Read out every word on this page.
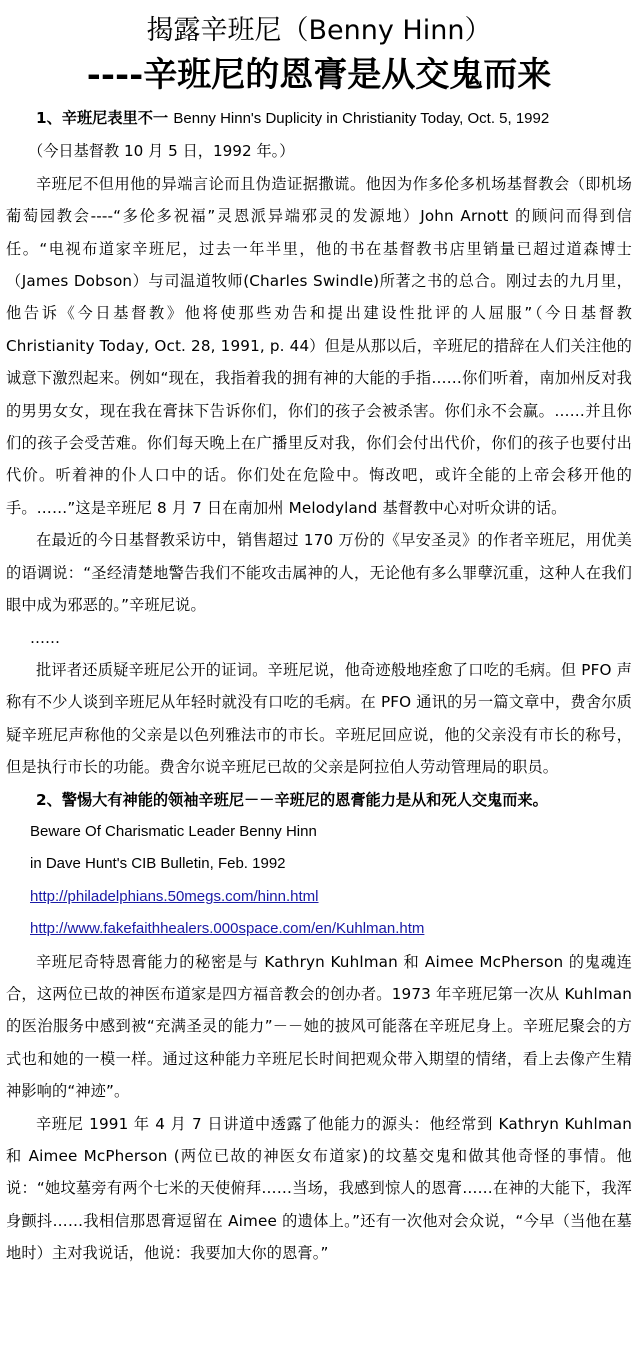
揭露辛班尼（Benny Hinn）
----辛班尼的恩膏是从交鬼而来

1、辛班尼表里不一 Benny Hinn's Duplicity in Christianity Today, Oct. 5, 1992

（今日基督教 10 月 5 日，1992 年。）

辛班尼不但用他的异端言论而且伪造证据撒谎。他因为作多伦多机场基督教会（即机场葡萄园教会----“多伦多祝福”灵恩派异端邪灵的发源地）John Arnott 的顾问而得到信任。“电视布道家辛班尼，过去一年半里，他的书在基督教书店里销量已超过道森博士（James Dobson）与司温道牧师(Charles Swindle)所著之书的总合。刚过去的九月里，他告诉《今日基督教》他将使那些劝告和提出建设性批评的人屈服”（今日基督教 Christianity Today, Oct. 28, 1991, p. 44）但是从那以后，辛班尼的措辞在人们关注他的诚意下激烈起来。例如“现在，我指着我的拥有神的大能的手指……你们听着，南加州反对我的男男女女，现在我在膏抹下告诉你们，你们的孩子会被杀害。你们永不会赢。……并且你们的孩子会受苦难。你们每天晚上在广播里反对我，你们会付出代价，你们的孩子也要付出代价。听着神的仆人口中的话。你们处在危险中。悔改吧，或许全能的上帝会移开他的手。……”这是辛班尼 8 月 7 日在南加州 Melodyland 基督教中心对听众讲的话。

在最近的今日基督教采访中，销售超过 170 万份的《早安圣灵》的作者辛班尼，用优美的语调说：“圣经清楚地警告我们不能攻击属神的人，无论他有多么罪孽沉重，这种人在我们眼中成为邪恶的。”辛班尼说。

……

批评者还质疑辛班尼公开的证词。辛班尼说，他奇迹般地痊愈了口吃的毛病。但 PFO 声称有不少人谈到辛班尼从年轻时就没有口吃的毛病。在 PFO 通讯的另一篇文章中，费舍尔质疑辛班尼声称他的父亲是以色列雅法市的市长。辛班尼回应说，他的父亲没有市长的称号，但是执行市长的功能。费舍尔说辛班尼已故的父亲是阿拉伯人劳动管理局的职员。

2、警惕大有神能的领袖辛班尼－－辛班尼的恩膏能力是从和死人交鬼而来。

Beware Of Charismatic Leader Benny Hinn

in Dave Hunt's CIB Bulletin, Feb. 1992

http://philadelphians.50megs.com/hinn.html

http://www.fakefaithhealers.000space.com/en/Kuhlman.htm

辛班尼奇特恩膏能力的秘密是与 Kathryn Kuhlman 和 Aimee McPherson 的鬼魂连合，这两位已故的神医布道家是四方福音教会的创办者。1973 年辛班尼第一次从 Kuhlman 的医治服务中感到被“充满圣灵的能力”－－她的披风可能落在辛班尼身上。辛班尼聚会的方式也和她的一模一样。通过这种能力辛班尼长时间把观众带入期望的情绪，看上去像产生精神影响的“神迹”。

辛班尼 1991 年 4 月 7 日讲道中透露了他能力的源头：他经常到 Kathryn Kuhlman 和 Aimee McPherson (两位已故的神医女布道家)的坟墓交鬼和做其他奇怪的事情。他说：“她坟墓旁有两个七米的天使俯拜……当场，我感到惊人的恩膏……在神的大能下，我浑身颤抖……我相信那恩膏逗留在 Aimee 的遗体上。”还有一次他对会众说，“今早（当他在墓地时）主对我说话，他说：我要加大你的恩膏。”
